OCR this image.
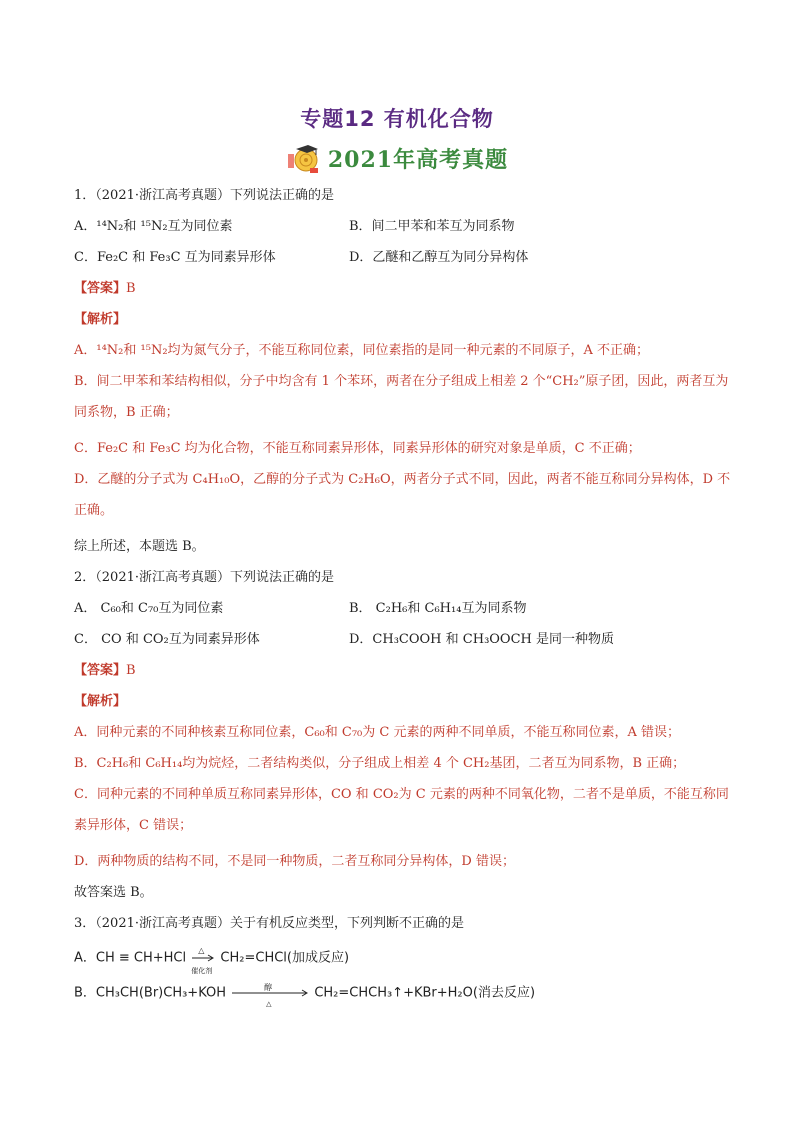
专题12 有机化合物
2021年高考真题
1．（2021·浙江高考真题）下列说法正确的是
A．¹⁴N₂和 ¹⁵N₂互为同位素	B．间二甲苯和苯互为同系物
C．Fe₂C 和 Fe₃C 互为同素异形体	D．乙醚和乙醇互为同分异构体
【答案】B
【解析】
A．¹⁴N₂和 ¹⁵N₂均为氮气分子，不能互称同位素，同位素指的是同一种元素的不同原子，A 不正确；
B．间二甲苯和苯结构相似，分子中均含有 1 个苯环，两者在分子组成上相差 2 个“CH₂”原子团，因此，两者互为同系物，B 正确；
C．Fe₂C 和 Fe₃C 均为化合物，不能互称同素异形体，同素异形体的研究对象是单质，C 不正确；
D．乙醚的分子式为 C₄H₁₀O，乙醇的分子式为 C₂H₆O，两者分子式不同，因此，两者不能互称同分异构体，D 不正确。
综上所述，本题选 B。
2．（2021·浙江高考真题）下列说法正确的是
A． C₆₀和 C₇₀互为同位素	B． C₂H₆和 C₆H₁₄互为同系物
C． CO 和 CO₂互为同素异形体	D．CH₃COOH 和 CH₃OOCH 是同一种物质
【答案】B
【解析】
A．同种元素的不同种核素互称同位素，C₆₀和 C₇₀为 C 元素的两种不同单质，不能互称同位素，A 错误；
B．C₂H₆和 C₆H₁₄均为烷烃，二者结构类似，分子组成上相差 4 个 CH₂基团，二者互为同系物，B 正确；
C．同种元素的不同种单质互称同素异形体，CO 和 CO₂为 C 元素的两种不同氧化物，二者不是单质，不能互称同素异形体，C 错误；
D．两种物质的结构不同，不是同一种物质，二者互称同分异构体，D 错误；
故答案选 B。
3．（2021·浙江高考真题）关于有机反应类型，下列判断不正确的是
A．CH ≡ CH+HCl △
催化剂
CH₂=CHCl(加成反应)
B．CH₃CH(Br)CH₃+KOH	醇
△
CH₂=CHCH₃↑+KBr+H₂O(消去反应)
